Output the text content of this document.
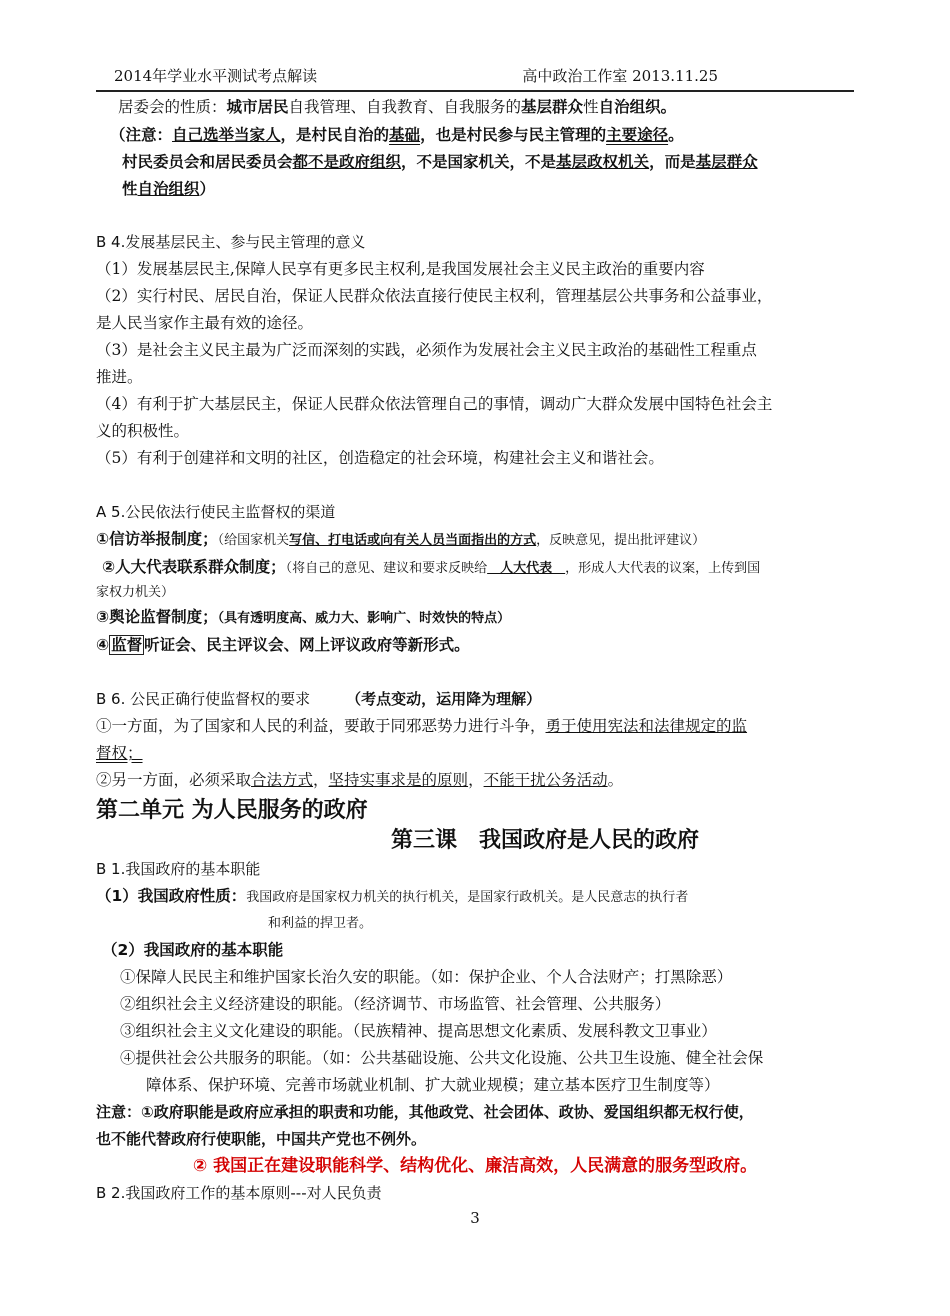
2014年学业水平测试考点解读	高中政治工作室 2013.11.25

居委会的性质：城市居民自我管理、自我教育、自我服务的基层群众性自治组织。

（注意：自己选举当家人，是村民自治的基础，也是村民参与民主管理的主要途径。

村民委员会和居民委员会都不是政府组织，不是国家机关，不是基层政权机关，而是基层群众

性自治组织）

B 4.发展基层民主、参与民主管理的意义

（1）发展基层民主,保障人民享有更多民主权利,是我国发展社会主义民主政治的重要内容

（2）实行村民、居民自治，保证人民群众依法直接行使民主权利，管理基层公共事务和公益事业，

是人民当家作主最有效的途径。

（3）是社会主义民主最为广泛而深刻的实践，必须作为发展社会主义民主政治的基础性工程重点

推进。

（4）有利于扩大基层民主，保证人民群众依法管理自己的事情，调动广大群众发展中国特色社会主

义的积极性。

（5）有利于创建祥和文明的社区，创造稳定的社会环境，构建社会主义和谐社会。

A 5.公民依法行使民主监督权的渠道

①信访举报制度；（给国家机关写信、打电话或向有关人员当面指出的方式，反映意见，提出批评建议）

②人大代表联系群众制度；（将自己的意见、建议和要求反映给　人大代表　，形成人大代表的议案，上传到国

家权力机关）

③舆论监督制度；（具有透明度高、威力大、影响广、时效快的特点）

④ 监督 听证会、民主评议会、网上评议政府等新形式。

B 6. 公民正确行使监督权的要求 （考点变动，运用降为理解）

①一方面，为了国家和人民的利益，要敢于同邪恶势力进行斗争，勇于使用宪法和法律规定的监

督权；

②另一方面，必须采取合法方式，坚持实事求是的原则，不能干扰公务活动。

第二单元 为人民服务的政府

第三课　我国政府是人民的政府

B 1.我国政府的基本职能

（1）我国政府性质：我国政府是国家权力机关的执行机关，是国家行政机关。是人民意志的执行者

和利益的捍卫者。

（2）我国政府的基本职能

①保障人民民主和维护国家长治久安的职能。（如：保护企业、个人合法财产；打黑除恶）

②组织社会主义经济建设的职能。（经济调节、市场监管、社会管理、公共服务）

③组织社会主义文化建设的职能。（民族精神、提高思想文化素质、发展科教文卫事业）

④提供社会公共服务的职能。（如：公共基础设施、公共文化设施、公共卫生设施、健全社会保

障体系、保护环境、完善市场就业机制、扩大就业规模；建立基本医疗卫生制度等）

注意：①政府职能是政府应承担的职责和功能，其他政党、社会团体、政协、爱国组织都无权行使，

也不能代替政府行使职能，中国共产党也不例外。

② 我国正在建设职能科学、结构优化、廉洁高效，人民满意的服务型政府。

B 2.我国政府工作的基本原则---对人民负责

3
